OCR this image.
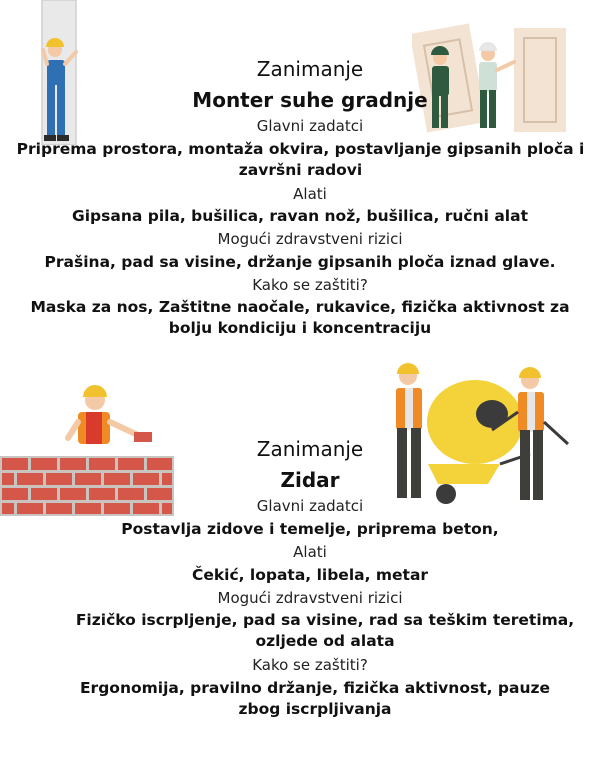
Zanimanje
Monter suhe gradnje
Glavni zadatci
Priprema prostora, montaža okvira, postavljanje gipsanih ploča i završni radovi
Alati
Gipsana pila, bušilica, ravan nož, bušilica, ručni alat
Mogući zdravstveni rizici
Prašina, pad sa visine, držanje gipsanih ploča iznad glave.
Kako se zaštiti?
Maska za nos, Zaštitne naočale, rukavice, fizička aktivnost za bolju kondiciju i koncentraciju
Zanimanje
Zidar
Glavni zadatci
Postavlja zidove i temelje, priprema beton,
Alati
Čekić, lopata, libela, metar
Mogući zdravstveni rizici
Fizičko iscrpljenje, pad sa visine, rad sa teškim teretima, ozljede od alata
Kako se zaštiti?
Ergonomija, pravilno držanje, fizička aktivnost, pauze zbog iscrpljivanja
